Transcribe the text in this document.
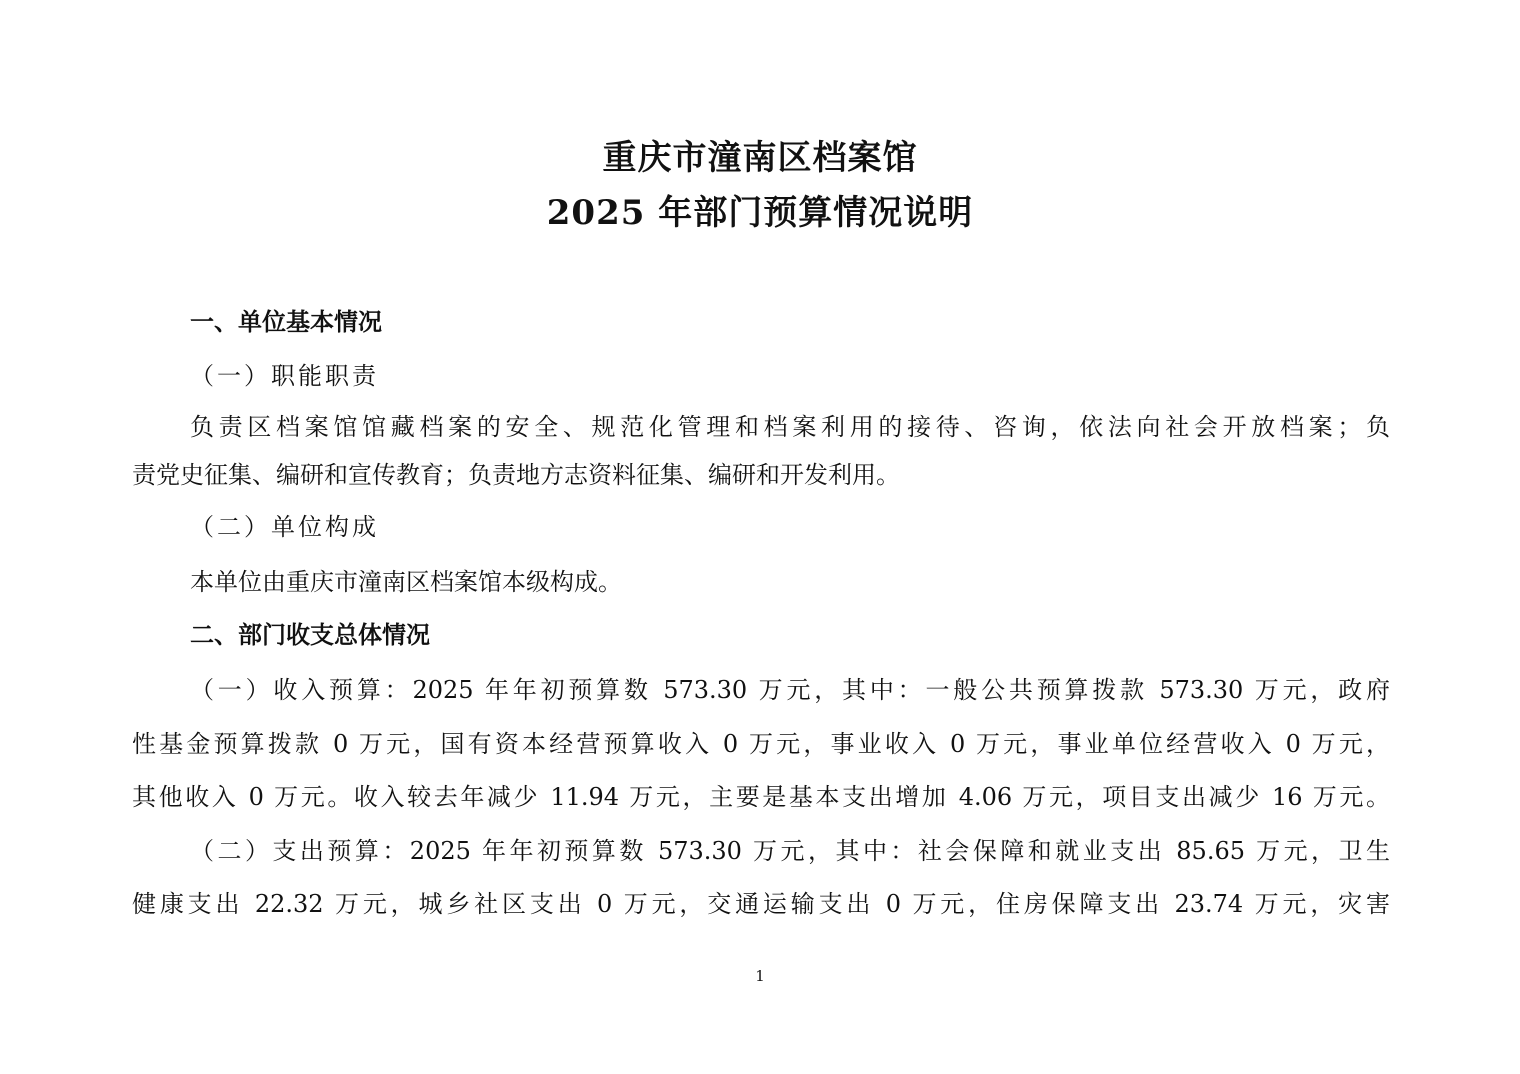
重庆市潼南区档案馆
2025 年部门预算情况说明
一、单位基本情况
（一）职能职责
负责区档案馆馆藏档案的安全、规范化管理和档案利用的接待、咨询，依法向社会开放档案；负
责党史征集、编研和宣传教育；负责地方志资料征集、编研和开发利用。
（二）单位构成
本单位由重庆市潼南区档案馆本级构成。
二、部门收支总体情况
（一）收入预算：2025 年年初预算数 573.30 万元，其中：一般公共预算拨款 573.30 万元，政府
性基金预算拨款 0 万元，国有资本经营预算收入 0 万元，事业收入 0 万元，事业单位经营收入 0 万元，
其他收入 0 万元。收入较去年减少 11.94 万元，主要是基本支出增加 4.06 万元，项目支出减少 16 万元。
（二）支出预算：2025 年年初预算数 573.30 万元，其中：社会保障和就业支出 85.65 万元，卫生
健康支出 22.32 万元，城乡社区支出 0 万元，交通运输支出 0 万元，住房保障支出 23.74 万元，灾害
1
